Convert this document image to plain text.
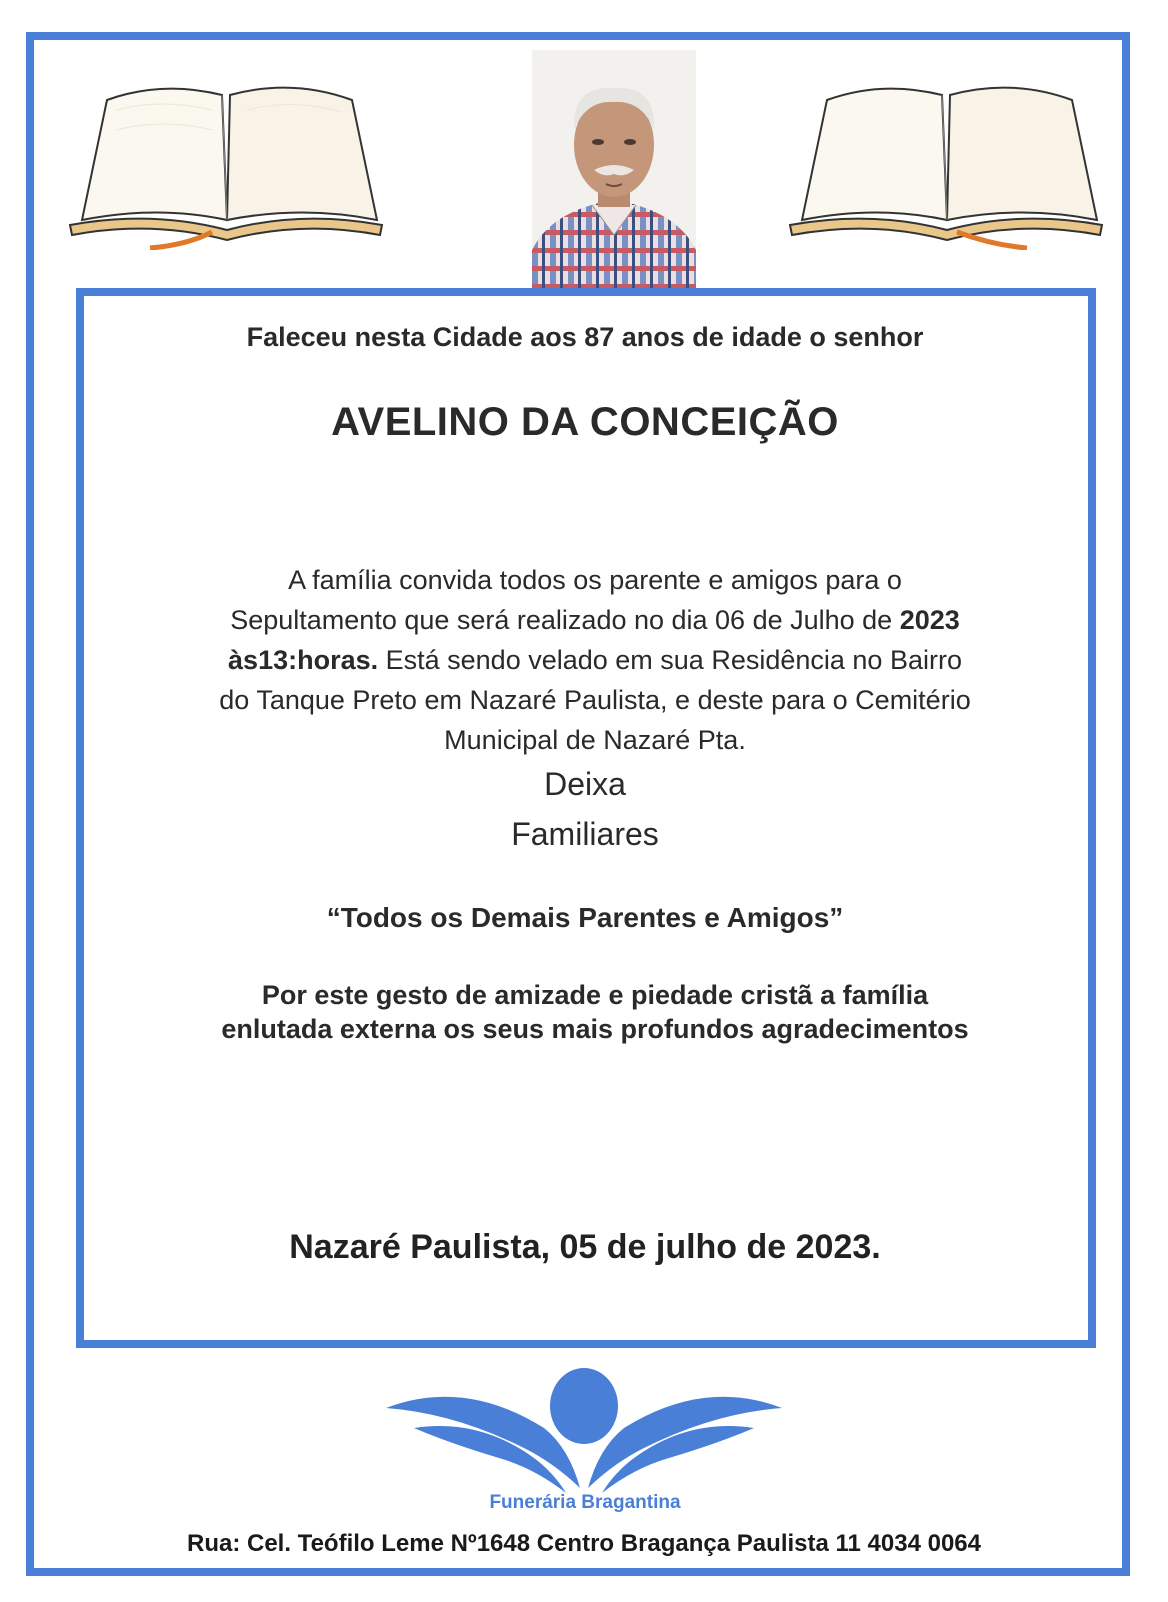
Faleceu nesta Cidade aos 87 anos de idade o senhor

AVELINO DA CONCEIÇÃO

A família convida todos os parente e amigos para o
Sepultamento que será realizado no dia 06 de Julho de 2023
às13:horas. Está sendo velado em sua Residência no Bairro
do Tanque Preto em Nazaré Paulista, e deste para o Cemitério
Municipal de Nazaré Pta.

Deixa

Familiares

“Todos os Demais Parentes e Amigos”

Por este gesto de amizade e piedade cristã a família
enlutada externa os seus mais profundos agradecimentos

Nazaré Paulista, 05 de julho de 2023.

Funerária Bragantina

Rua: Cel. Teófilo Leme Nº1648 Centro Bragança Paulista 11 4034 0064
